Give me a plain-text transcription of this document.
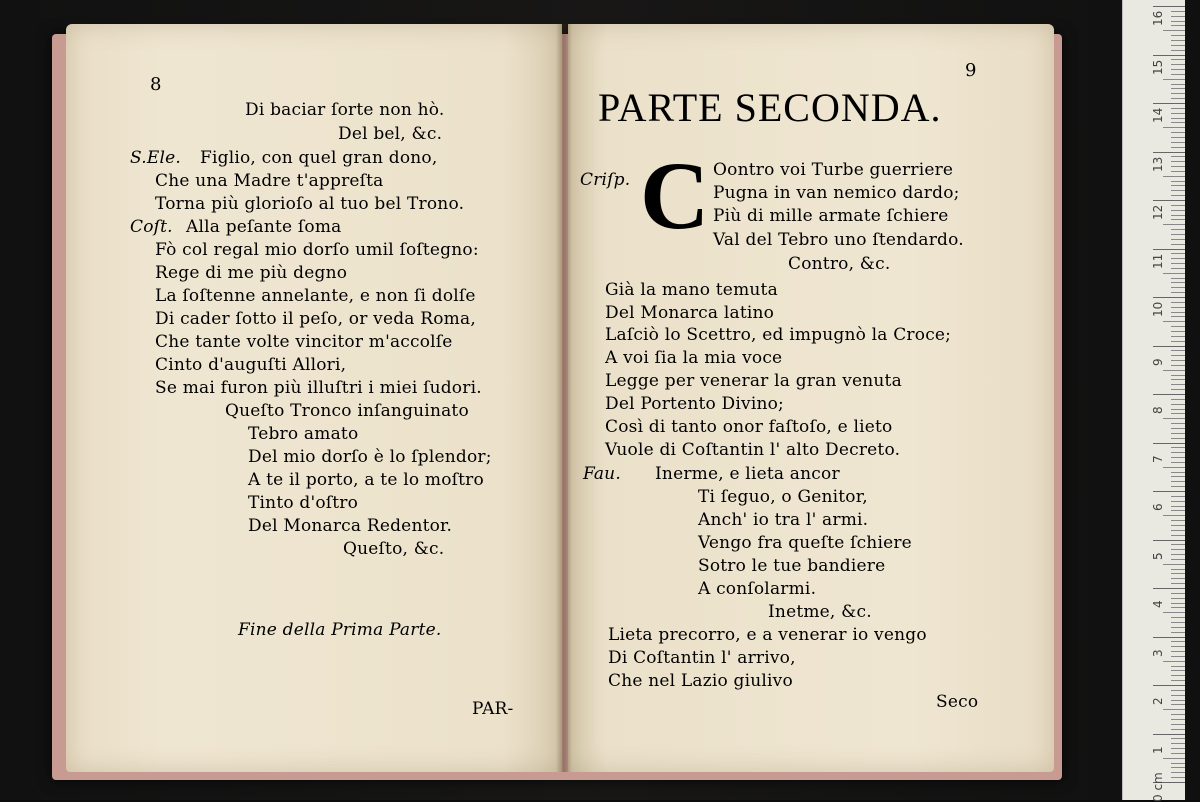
8
Di baciar ſorte non hò.
Del bel, &c.
S.Ele. Figlio, con quel gran dono,
Che una Madre t'appreſta
Torna più glorioſo al tuo bel Trono.
Coſt. Alla peſante ſoma
Fò col regal mio dorſo umil ſoſtegno:
Rege di me più degno
La ſoſtenne annelante, e non ſi dolſe
Di cader ſotto il peſo, or veda Roma,
Che tante volte vincitor m'accolſe
Cinto d'auguſti Allori,
Se mai furon più illuſtri i miei ſudori.
Queſto Tronco inſanguinato
Tebro amato
Del mio dorſo è lo ſplendor;
A te il porto, a te lo moſtro
Tinto d'oſtro
Del Monarca Redentor.
Queſto, &c.
Fine della Prima Parte.
PAR-
9
PARTE SECONDA.
Criſp. C Oontro voi Turbe guerriere
Pugna in van nemico dardo;
Più di mille armate ſchiere
Val del Tebro uno ſtendardo.
Contro, &c.
Già la mano temuta
Del Monarca latino
Laſciò lo Scettro, ed impugnò la Croce;
A voi ſia la mia voce
Legge per venerar la gran venuta
Del Portento Divino;
Così di tanto onor faſtoſo, e lieto
Vuole di Coſtantin l' alto Decreto.
Fau. Inerme, e lieta ancor
Ti ſeguo, o Genitor,
Anch' io tra l' armi.
Vengo fra queſte ſchiere
Sotro le tue bandiere
A conſolarmi.
Inetme, &c.
Lieta precorro, e a venerar io vengo
Di Coſtantin l' arrivo,
Che nel Lazio giulivo
Seco
16
15
14
13
12
11
10
9
8
7
6
5
4
3
2
1
0 cm
